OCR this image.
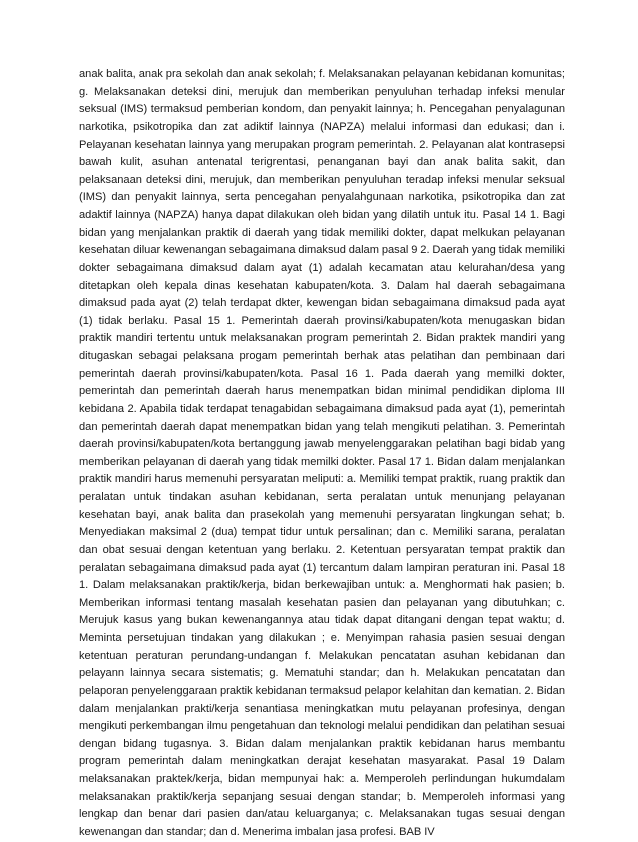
anak balita, anak pra sekolah dan anak sekolah; f. Melaksanakan pelayanan kebidanan komunitas; g. Melaksanakan deteksi dini, merujuk dan memberikan penyuluhan terhadap infeksi menular seksual (IMS) termaksud pemberian kondom, dan penyakit lainnya; h. Pencegahan penyalagunan narkotika, psikotropika dan zat adiktif lainnya (NAPZA) melalui informasi dan edukasi; dan i. Pelayanan kesehatan lainnya yang merupakan program pemerintah. 2. Pelayanan alat kontrasepsi bawah kulit, asuhan antenatal terigrentasi, penanganan bayi dan anak balita sakit, dan pelaksanaan deteksi dini, merujuk, dan memberikan penyuluhan teradap infeksi menular seksual (IMS) dan penyakit lainnya, serta pencegahan penyalahgunaan narkotika, psikotropika dan zat adaktif lainnya (NAPZA) hanya dapat dilakukan oleh bidan yang dilatih untuk itu. Pasal 14 1. Bagi bidan yang menjalankan praktik di daerah yang tidak memiliki dokter, dapat melkukan pelayanan kesehatan diluar kewenangan sebagaimana dimaksud dalam pasal 9 2. Daerah yang tidak memiliki dokter sebagaimana dimaksud dalam ayat (1) adalah kecamatan atau kelurahan/desa yang ditetapkan oleh kepala dinas kesehatan kabupaten/kota. 3. Dalam hal daerah sebagaimana dimaksud pada ayat (2) telah terdapat dkter, kewengan bidan sebagaimana dimaksud pada ayat (1) tidak berlaku. Pasal 15 1. Pemerintah daerah provinsi/kabupaten/kota menugaskan bidan praktik mandiri tertentu untuk melaksanakan program pemerintah 2. Bidan praktek mandiri yang ditugaskan sebagai pelaksana progam pemerintah berhak atas pelatihan dan pembinaan dari pemerintah daerah provinsi/kabupaten/kota. Pasal 16 1. Pada daerah yang memilki dokter, pemerintah dan pemerintah daerah harus menempatkan bidan minimal pendidikan diploma III kebidana 2. Apabila tidak terdapat tenagabidan sebagaimana dimaksud pada ayat (1), pemerintah dan pemerintah daerah dapat menempatkan bidan yang telah mengikuti pelatihan. 3. Pemerintah daerah provinsi/kabupaten/kota bertanggung jawab menyelenggarakan pelatihan bagi bidab yang memberikan pelayanan di daerah yang tidak memilki dokter. Pasal 17 1. Bidan dalam menjalankan praktik mandiri harus memenuhi persyaratan meliputi: a. Memiliki tempat praktik, ruang praktik dan peralatan untuk tindakan asuhan kebidanan, serta peralatan untuk menunjang pelayanan kesehatan bayi, anak balita dan prasekolah yang memenuhi persyaratan lingkungan sehat; b. Menyediakan maksimal 2 (dua) tempat tidur untuk persalinan; dan c. Memiliki sarana, peralatan dan obat sesuai dengan ketentuan yang berlaku. 2. Ketentuan persyaratan tempat praktik dan peralatan sebagaimana dimaksud pada ayat (1) tercantum dalam lampiran peraturan ini. Pasal 18 1. Dalam melaksanakan praktik/kerja, bidan berkewajiban untuk: a. Menghormati hak pasien; b. Memberikan informasi tentang masalah kesehatan pasien dan pelayanan yang dibutuhkan; c. Merujuk kasus yang bukan kewenangannya atau tidak dapat ditangani dengan tepat waktu; d. Meminta persetujuan tindakan yang dilakukan ; e. Menyimpan rahasia pasien sesuai dengan ketentuan peraturan perundang-undangan f. Melakukan pencatatan asuhan kebidanan dan pelayann lainnya secara sistematis; g. Mematuhi standar; dan h. Melakukan pencatatan dan pelaporan penyelenggaraan praktik kebidanan termaksud pelapor kelahitan dan kematian. 2. Bidan dalam menjalankan prakti/kerja senantiasa meningkatkan mutu pelayanan profesinya, dengan mengikuti perkembangan ilmu pengetahuan dan teknologi melalui pendidikan dan pelatihan sesuai dengan bidang tugasnya. 3. Bidan dalam menjalankan praktik kebidanan harus membantu program pemerintah dalam meningkatkan derajat kesehatan masyarakat. Pasal 19 Dalam melaksanakan praktek/kerja, bidan mempunyai hak: a. Memperoleh perlindungan hukumdalam melaksanakan praktik/kerja sepanjang sesuai dengan standar; b. Memperoleh informasi yang lengkap dan benar dari pasien dan/atau keluarganya; c. Melaksanakan tugas sesuai dengan kewenangan dan standar; dan d. Menerima imbalan jasa profesi. BAB IV
